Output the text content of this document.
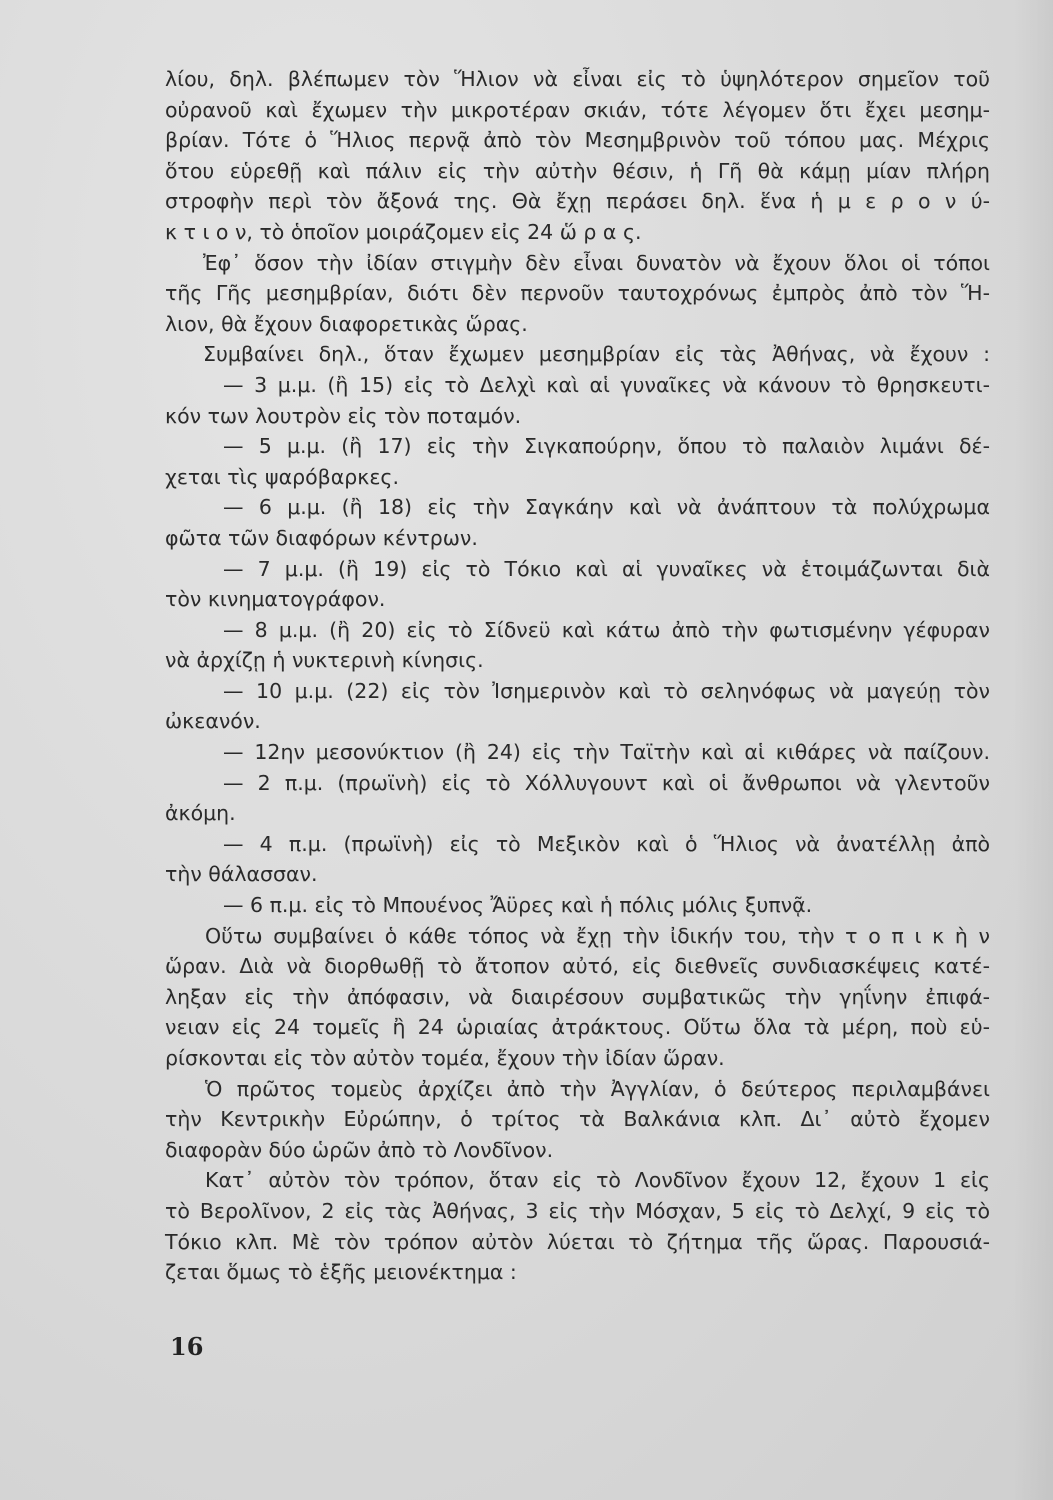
λίου, δηλ. βλέπωμεν τὸν Ἥλιον νὰ εἶναι εἰς τὸ ὑψηλότερον σημεῖον τοῦ
οὐρανοῦ καὶ ἔχωμεν τὴν μικροτέραν σκιάν, τότε λέγομεν ὅτι ἔχει μεσημ-
βρίαν. Τότε ὁ Ἥλιος περνᾷ ἀπὸ τὸν Μεσημβρινὸν τοῦ τόπου μας. Μέχρις
ὅτου εὑρεθῇ καὶ πάλιν εἰς τὴν αὐτὴν θέσιν, ἡ Γῆ θὰ κάμῃ μίαν πλήρη
στροφὴν περὶ τὸν ἄξονά της. Θὰ ἔχῃ περάσει δηλ. ἕνα ἡ μ ε ρ ο ν ύ-
κ τ ι ο ν, τὸ ὁποῖον μοιράζομεν εἰς 24 ὥ ρ α ς.
Ἐφ᾿ ὅσον τὴν ἰδίαν στιγμὴν δὲν εἶναι δυνατὸν νὰ ἔχουν ὅλοι οἱ τόποι
τῆς Γῆς μεσημβρίαν, διότι δὲν περνοῦν ταυτοχρόνως ἐμπρὸς ἀπὸ τὸν Ἥ-
λιον, θὰ ἔχουν διαφορετικὰς ὥρας.
Συμβαίνει δηλ., ὅταν ἔχωμεν μεσημβρίαν εἰς τὰς Ἀθήνας, νὰ ἔχουν :
— 3 μ.μ. (ἢ 15) εἰς τὸ Δελχὶ καὶ αἱ γυναῖκες νὰ κάνουν τὸ θρησκευτι-
κόν των λουτρὸν εἰς τὸν ποταμόν.
— 5 μ.μ. (ἢ 17) εἰς τὴν Σιγκαπούρην, ὅπου τὸ παλαιὸν λιμάνι δέ-
χεται τὶς ψαρόβαρκες.
— 6 μ.μ. (ἢ 18) εἰς τὴν Σαγκάην καὶ νὰ ἀνάπτουν τὰ πολύχρωμα
φῶτα τῶν διαφόρων κέντρων.
— 7 μ.μ. (ἢ 19) εἰς τὸ Τόκιο καὶ αἱ γυναῖκες νὰ ἑτοιμάζωνται διὰ
τὸν κινηματογράφον.
— 8 μ.μ. (ἢ 20) εἰς τὸ Σίδνεϋ καὶ κάτω ἀπὸ τὴν φωτισμένην γέφυραν
νὰ ἀρχίζῃ ἡ νυκτερινὴ κίνησις.
— 10 μ.μ. (22) εἰς τὸν Ἰσημερινὸν καὶ τὸ σεληνόφως νὰ μαγεύῃ τὸν
ὠκεανόν.
— 12ην μεσονύκτιον (ἢ 24) εἰς τὴν Ταϊτὴν καὶ αἱ κιθάρες νὰ παίζουν.
— 2 π.μ. (πρωϊνὴ) εἰς τὸ Χόλλυγουντ καὶ οἱ ἄνθρωποι νὰ γλεντοῦν
ἀκόμη.
— 4 π.μ. (πρωϊνὴ) εἰς τὸ Μεξικὸν καὶ ὁ Ἥλιος νὰ ἀνατέλλῃ ἀπὸ
τὴν θάλασσαν.
— 6 π.μ. εἰς τὸ Μπουένος Ἄϋρες καὶ ἡ πόλις μόλις ξυπνᾷ.
Οὕτω συμβαίνει ὁ κάθε τόπος νὰ ἔχῃ τὴν ἰδικήν του, τὴν τ ο π ι κ ὴ ν
ὥραν. Διὰ νὰ διορθωθῇ τὸ ἄτοπον αὐτό, εἰς διεθνεῖς συνδιασκέψεις κατέ-
ληξαν εἰς τὴν ἀπόφασιν, νὰ διαιρέσουν συμβατικῶς τὴν γηΐνην ἐπιφά-
νειαν εἰς 24 τομεῖς ἢ 24 ὡριαίας ἀτράκτους. Οὕτω ὅλα τὰ μέρη, ποὺ εὑ-
ρίσκονται εἰς τὸν αὐτὸν τομέα, ἔχουν τὴν ἰδίαν ὥραν.
Ὁ πρῶτος τομεὺς ἀρχίζει ἀπὸ τὴν Ἀγγλίαν, ὁ δεύτερος περιλαμβάνει
τὴν Κεντρικὴν Εὐρώπην, ὁ τρίτος τὰ Βαλκάνια κλπ. Δι᾿ αὐτὸ ἔχομεν
διαφορὰν δύο ὡρῶν ἀπὸ τὸ Λονδῖνον.
Κατ᾿ αὐτὸν τὸν τρόπον, ὅταν εἰς τὸ Λονδῖνον ἔχουν 12, ἔχουν 1 εἰς
τὸ Βερολῖνον, 2 εἰς τὰς Ἀθήνας, 3 εἰς τὴν Μόσχαν, 5 εἰς τὸ Δελχί, 9 εἰς τὸ
Τόκιο κλπ. Μὲ τὸν τρόπον αὐτὸν λύεται τὸ ζήτημα τῆς ὥρας. Παρουσιά-
ζεται ὅμως τὸ ἑξῆς μειονέκτημα :
16
